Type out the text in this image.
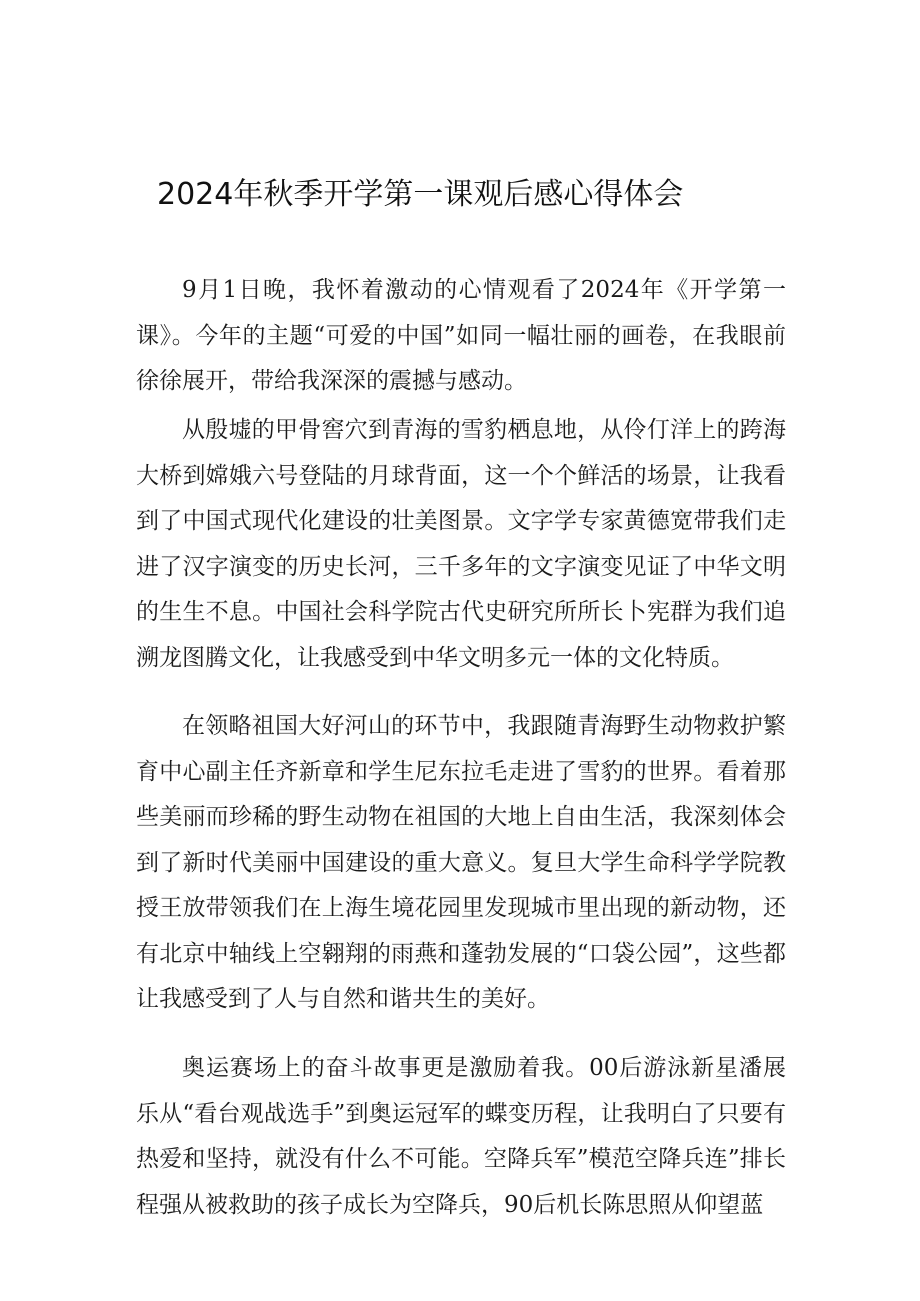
2024年秋季开学第一课观后感心得体会

9月1日晚，我怀着激动的心情观看了2024年《开学第一课》。今年的主题“可爱的中国”如同一幅壮丽的画卷，在我眼前徐徐展开，带给我深深的震撼与感动。

从殷墟的甲骨窖穴到青海的雪豹栖息地，从伶仃洋上的跨海大桥到嫦娥六号登陆的月球背面，这一个个鲜活的场景，让我看到了中国式现代化建设的壮美图景。文字学专家黄德宽带我们走进了汉字演变的历史长河，三千多年的文字演变见证了中华文明的生生不息。中国社会科学院古代史研究所所长卜宪群为我们追溯龙图腾文化，让我感受到中华文明多元一体的文化特质。

在领略祖国大好河山的环节中，我跟随青海野生动物救护繁育中心副主任齐新章和学生尼东拉毛走进了雪豹的世界。看着那些美丽而珍稀的野生动物在祖国的大地上自由生活，我深刻体会到了新时代美丽中国建设的重大意义。复旦大学生命科学学院教授王放带领我们在上海生境花园里发现城市里出现的新动物，还有北京中轴线上空翱翔的雨燕和蓬勃发展的“口袋公园”，这些都让我感受到了人与自然和谐共生的美好。

奥运赛场上的奋斗故事更是激励着我。00后游泳新星潘展乐从“看台观战选手”到奥运冠军的蝶变历程，让我明白了只要有热爱和坚持，就没有什么不可能。空降兵军”模范空降兵连”排长程强从被救助的孩子成长为空降兵，90后机长陈思照从仰望蓝
